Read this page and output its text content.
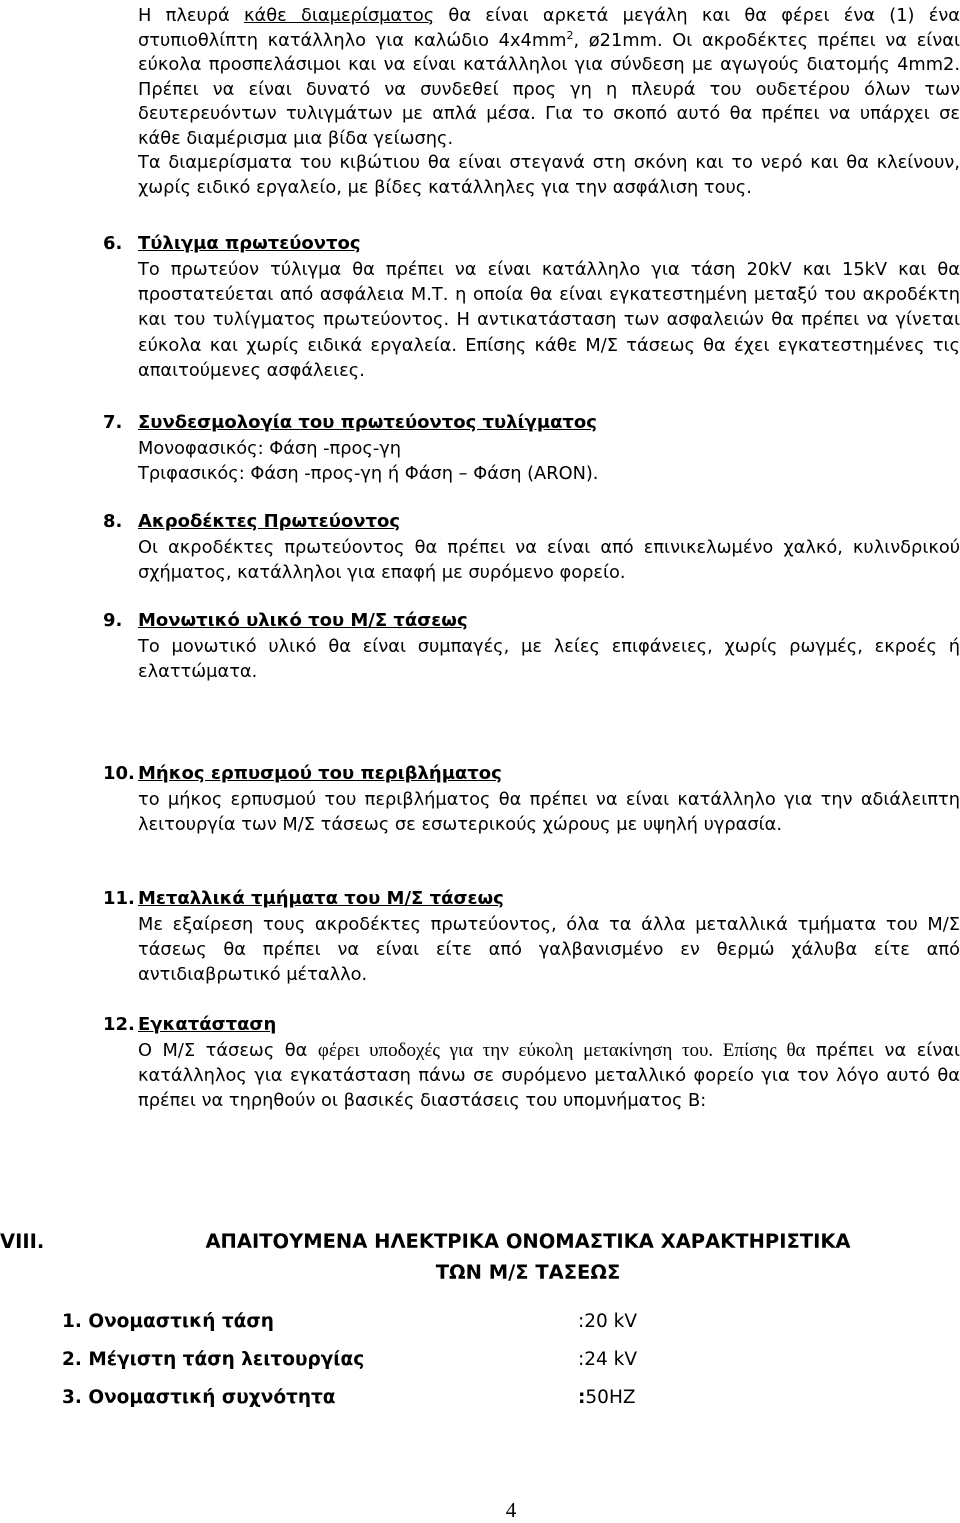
Η πλευρά κάθε διαμερίσματος θα είναι αρκετά μεγάλη και θα φέρει ένα (1) ένα στυπιοθλίπτη κατάλληλο για καλώδιο $4x4mm^2$, ø21mm. Οι ακροδέκτες πρέπει να είναι εύκολα προσπελάσιμοι και να είναι κατάλληλοι για σύνδεση με αγωγούς διατομής 4mm2. Πρέπει να είναι δυνατό να συνδεθεί προς γη η πλευρά του ουδετέρου όλων των δευτερευόντων τυλιγμάτων με απλά μέσα. Για το σκοπό αυτό θα πρέπει να υπάρχει σε κάθε διαμέρισμα μια βίδα γείωσης.

Τα διαμερίσματα του κιβώτιου θα είναι στεγανά στη σκόνη και το νερό και θα κλείνουν, χωρίς ειδικό εργαλείο, με βίδες κατάλληλες για την ασφάλιση τους.

6. Τύλιγμα πρωτεύοντος

Το πρωτεύον τύλιγμα θα πρέπει να είναι κατάλληλο για τάση 20kV και 15kV και θα προστατεύεται από ασφάλεια Μ.Τ. η οποία θα είναι εγκατεστημένη μεταξύ του ακροδέκτη και του τυλίγματος πρωτεύοντος. Η αντικατάσταση των ασφαλειών θα πρέπει να γίνεται εύκολα και χωρίς ειδικά εργαλεία. Επίσης κάθε Μ/Σ τάσεως θα έχει εγκατεστημένες τις απαιτούμενες ασφάλειες.

7. Συνδεσμολογία του πρωτεύοντος τυλίγματος
Μονοφασικός: Φάση -προς-γη
Τριφασικός: Φάση -προς-γη ή Φάση – Φάση (ARON).
8. Ακροδέκτες Πρωτεύοντος

Οι ακροδέκτες πρωτεύοντος θα πρέπει να είναι από επινικελωμένο χαλκό, κυλινδρικού σχήματος, κατάλληλοι για επαφή με συρόμενο φορείο.

9. Μονωτικό υλικό του Μ/Σ τάσεως

Το μονωτικό υλικό θα είναι συμπαγές, με λείες επιφάνειες, χωρίς ρωγμές, εκροές ή ελαττώματα.

10. Μήκος ερπυσμού του περιβλήματος

το μήκος ερπυσμού του περιβλήματος θα πρέπει να είναι κατάλληλο για την αδιάλειπτη λειτουργία των Μ/Σ τάσεως σε εσωτερικούς χώρους με υψηλή υγρασία.

11. Μεταλλικά τμήματα του Μ/Σ τάσεως

Με εξαίρεση τους ακροδέκτες πρωτεύοντος, όλα τα άλλα μεταλλικά τμήματα του Μ/Σ τάσεως θα πρέπει να είναι είτε από γαλβανισμένο εν θερμώ χάλυβα είτε από αντιδιαβρωτικό μέταλλο.

12. Εγκατάσταση

Ο Μ/Σ τάσεως θα φέρει υποδοχές για την εύκολη μετακίνηση του. Επίσης θα πρέπει να είναι κατάλληλος για εγκατάσταση πάνω σε συρόμενο μεταλλικό φορείο για τον λόγο αυτό θα πρέπει να τηρηθούν οι βασικές διαστάσεις του υπομνήματος Β:

VIII.	ΑΠΑΙΤΟΥΜΕΝΑ ΗΛΕΚΤΡΙΚΑ ΟΝΟΜΑΣΤΙΚΑ ΧΑΡΑΚΤΗΡΙΣΤΙΚΑ
ΤΩΝ Μ/Σ ΤΑΣΕΩΣ
1. Ονομαστική τάση	:20 kV
2. Μέγιστη τάση λειτουργίας	:24 kV
3. Ονομαστική συχνότητα	:50HZ
4
